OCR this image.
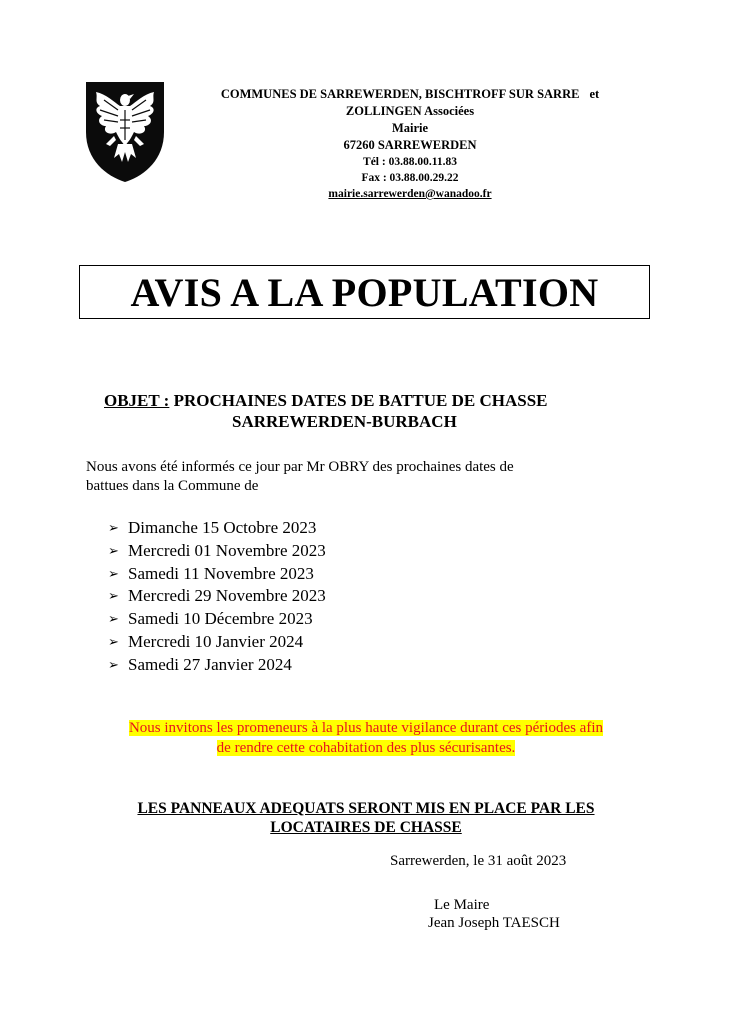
COMMUNES DE SARREWERDEN, BISCHTROFF SUR SARRE et
ZOLLINGEN Associées
Mairie
67260 SARREWERDEN
Tél : 03.88.00.11.83
Fax : 03.88.00.29.22
mairie.sarrewerden@wanadoo.fr
AVIS A LA POPULATION
OBJET : PROCHAINES DATES DE BATTUE DE CHASSE
SARREWERDEN-BURBACH
Nous avons été informés ce jour par Mr OBRY des prochaines dates de
battues dans la Commune de
➢ Dimanche 15 Octobre 2023
➢ Mercredi 01 Novembre 2023
➢ Samedi 11 Novembre 2023
➢ Mercredi 29 Novembre 2023
➢ Samedi 10 Décembre 2023
➢ Mercredi 10 Janvier 2024
➢ Samedi 27 Janvier 2024
Nous invitons les promeneurs à la plus haute vigilance durant ces périodes afin
de rendre cette cohabitation des plus sécurisantes.
LES PANNEAUX ADEQUATS SERONT MIS EN PLACE PAR LES
LOCATAIRES DE CHASSE
Sarrewerden, le 31 août 2023
Le Maire
Jean Joseph TAESCH
